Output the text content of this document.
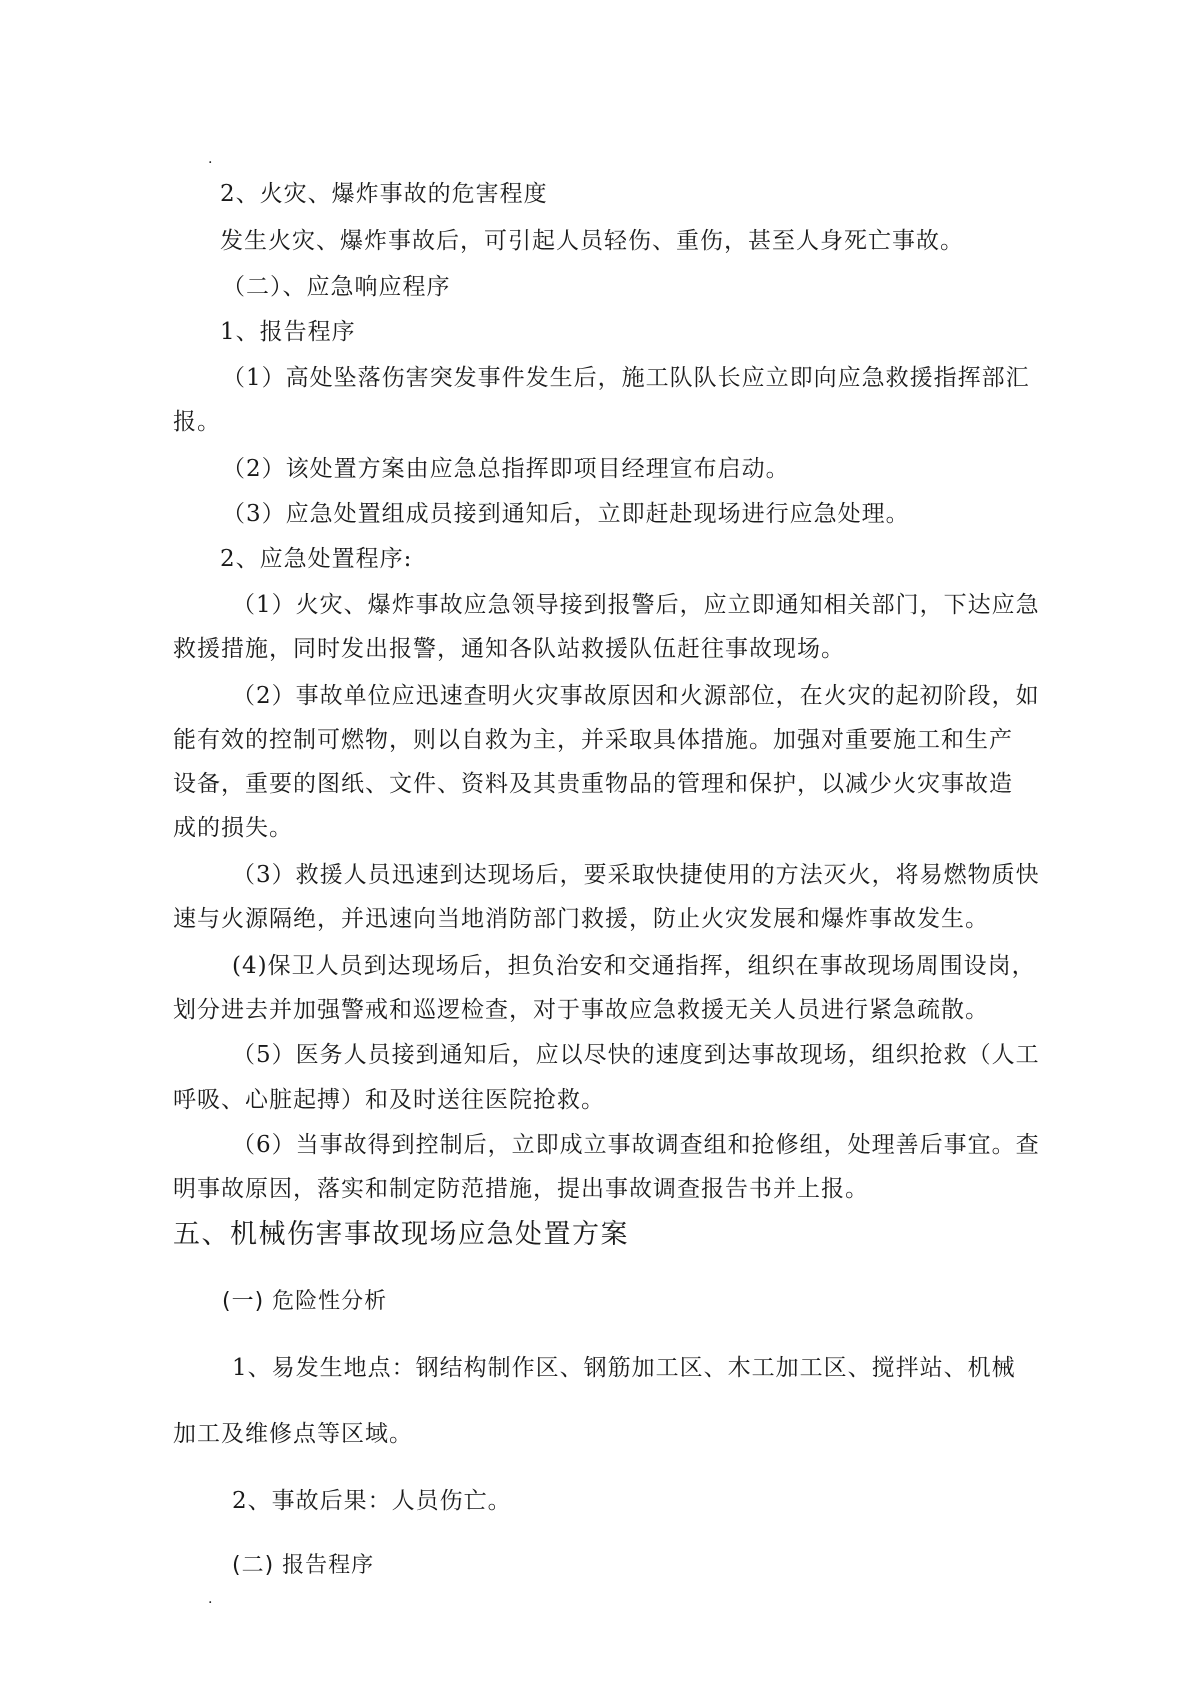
.
2、火灾、爆炸事故的危害程度
发生火灾、爆炸事故后，可引起人员轻伤、重伤，甚至人身死亡事故。
（二）、应急响应程序
1、报告程序
（1）高处坠落伤害突发事件发生后，施工队队长应立即向应急救援指挥部汇
报。
（2）该处置方案由应急总指挥即项目经理宣布启动。
（3）应急处置组成员接到通知后，立即赶赴现场进行应急处理。
2、应急处置程序:
（1）火灾、爆炸事故应急领导接到报警后，应立即通知相关部门，下达应急
救援措施，同时发出报警，通知各队站救援队伍赶往事故现场。
（2）事故单位应迅速查明火灾事故原因和火源部位，在火灾的起初阶段，如
能有效的控制可燃物，则以自救为主，并采取具体措施。加强对重要施工和生产
设备，重要的图纸、文件、资料及其贵重物品的管理和保护，以减少火灾事故造
成的损失。
（3）救援人员迅速到达现场后，要采取快捷使用的方法灭火，将易燃物质快
速与火源隔绝，并迅速向当地消防部门救援，防止火灾发展和爆炸事故发生。
(4)保卫人员到达现场后，担负治安和交通指挥，组织在事故现场周围设岗，
划分进去并加强警戒和巡逻检查，对于事故应急救援无关人员进行紧急疏散。
（5）医务人员接到通知后，应以尽快的速度到达事故现场，组织抢救（人工
呼吸、心脏起搏）和及时送往医院抢救。
（6）当事故得到控制后，立即成立事故调查组和抢修组，处理善后事宜。查
明事故原因，落实和制定防范措施，提出事故调查报告书并上报。
五、机械伤害事故现场应急处置方案
(一) 危险性分析
1、易发生地点：钢结构制作区、钢筋加工区、木工加工区、搅拌站、机械
加工及维修点等区域。
2、事故后果：人员伤亡。
(二) 报告程序
.
